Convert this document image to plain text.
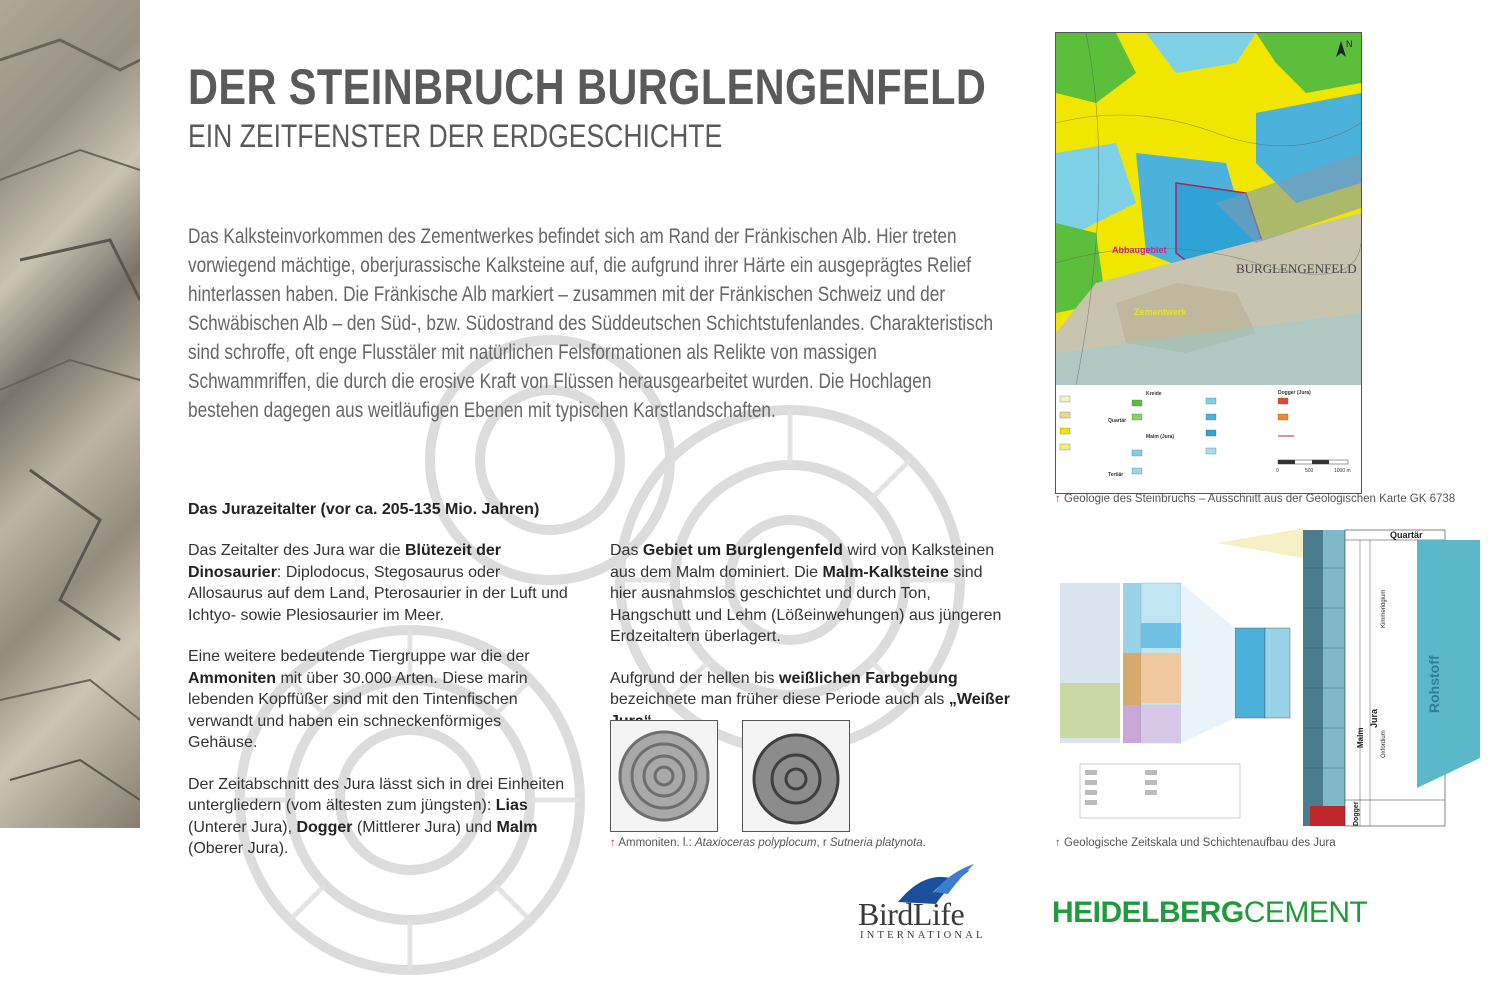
DER STEINBRUCH BURGLENGENFELD
EIN ZEITFENSTER DER ERDGESCHICHTE

Das Kalksteinvorkommen des Zementwerkes befindet sich am Rand der Fränkischen Alb. Hier treten vorwiegend mächtige, oberjurassische Kalksteine auf, die aufgrund ihrer Härte ein ausgeprägtes Relief hinterlassen haben. Die Fränkische Alb markiert – zusammen mit der Fränkischen Schweiz und der Schwäbischen Alb – den Süd-, bzw. Südostrand des Süddeutschen Schichtstufenlandes. Charakteristisch sind schroffe, oft enge Flusstäler mit natürlichen Felsformationen als Relikte von massigen Schwammriffen, die durch die erosive Kraft von Flüssen herausgearbeitet wurden. Die Hochlagen bestehen dagegen aus weitläufigen Ebenen mit typischen Karstlandschaften.

Das Jurazeitalter (vor ca. 205-135 Mio. Jahren)

Das Zeitalter des Jura war die Blütezeit der Dinosaurier: Diplodocus, Stegosaurus oder Allosaurus auf dem Land, Pterosaurier in der Luft und Ichtyo- sowie Plesiosaurier im Meer.

Eine weitere bedeutende Tiergruppe war die der Ammoniten mit über 30.000 Arten. Diese marin lebenden Kopffüßer sind mit den Tintenfischen verwandt und haben ein schneckenförmiges Gehäuse.

Der Zeitabschnitt des Jura lässt sich in drei Einheiten untergliedern (vom ältesten zum jüngsten): Lias (Unterer Jura), Dogger (Mittlerer Jura) und Malm (Oberer Jura).

Das Gebiet um Burglengenfeld wird von Kalksteinen aus dem Malm dominiert. Die Malm-Kalksteine sind hier ausnahmslos geschichtet und durch Ton, Hangschutt und Lehm (Lößeinwehungen) aus jüngeren Erdzeitaltern überlagert.

Aufgrund der hellen bis weißlichen Farbgebung bezeichnete man früher diese Periode auch als „Weißer

↑ Ammoniten. l.: Ataxioceras polyplocum, r Sutneria platynota.
N
Abbaugebiet
BURGLENGENFELD
Zementwerk
Kreide	Dogger (Jura)
Malm (Jura)
Quartär
Tertiär
0	500	1000 m
↑ Geologie des Steinbruchs – Ausschnitt aus der Geologischen Karte GK 6738
Quartär
Malm
Jura
Dogger
Kimmeridgium
Oxfordium
Rohstoff
↑ Geologische Zeitskala und Schichtenaufbau des Jura
BirdLife
INTERNATIONAL
HEIDELBERGCEMENT
